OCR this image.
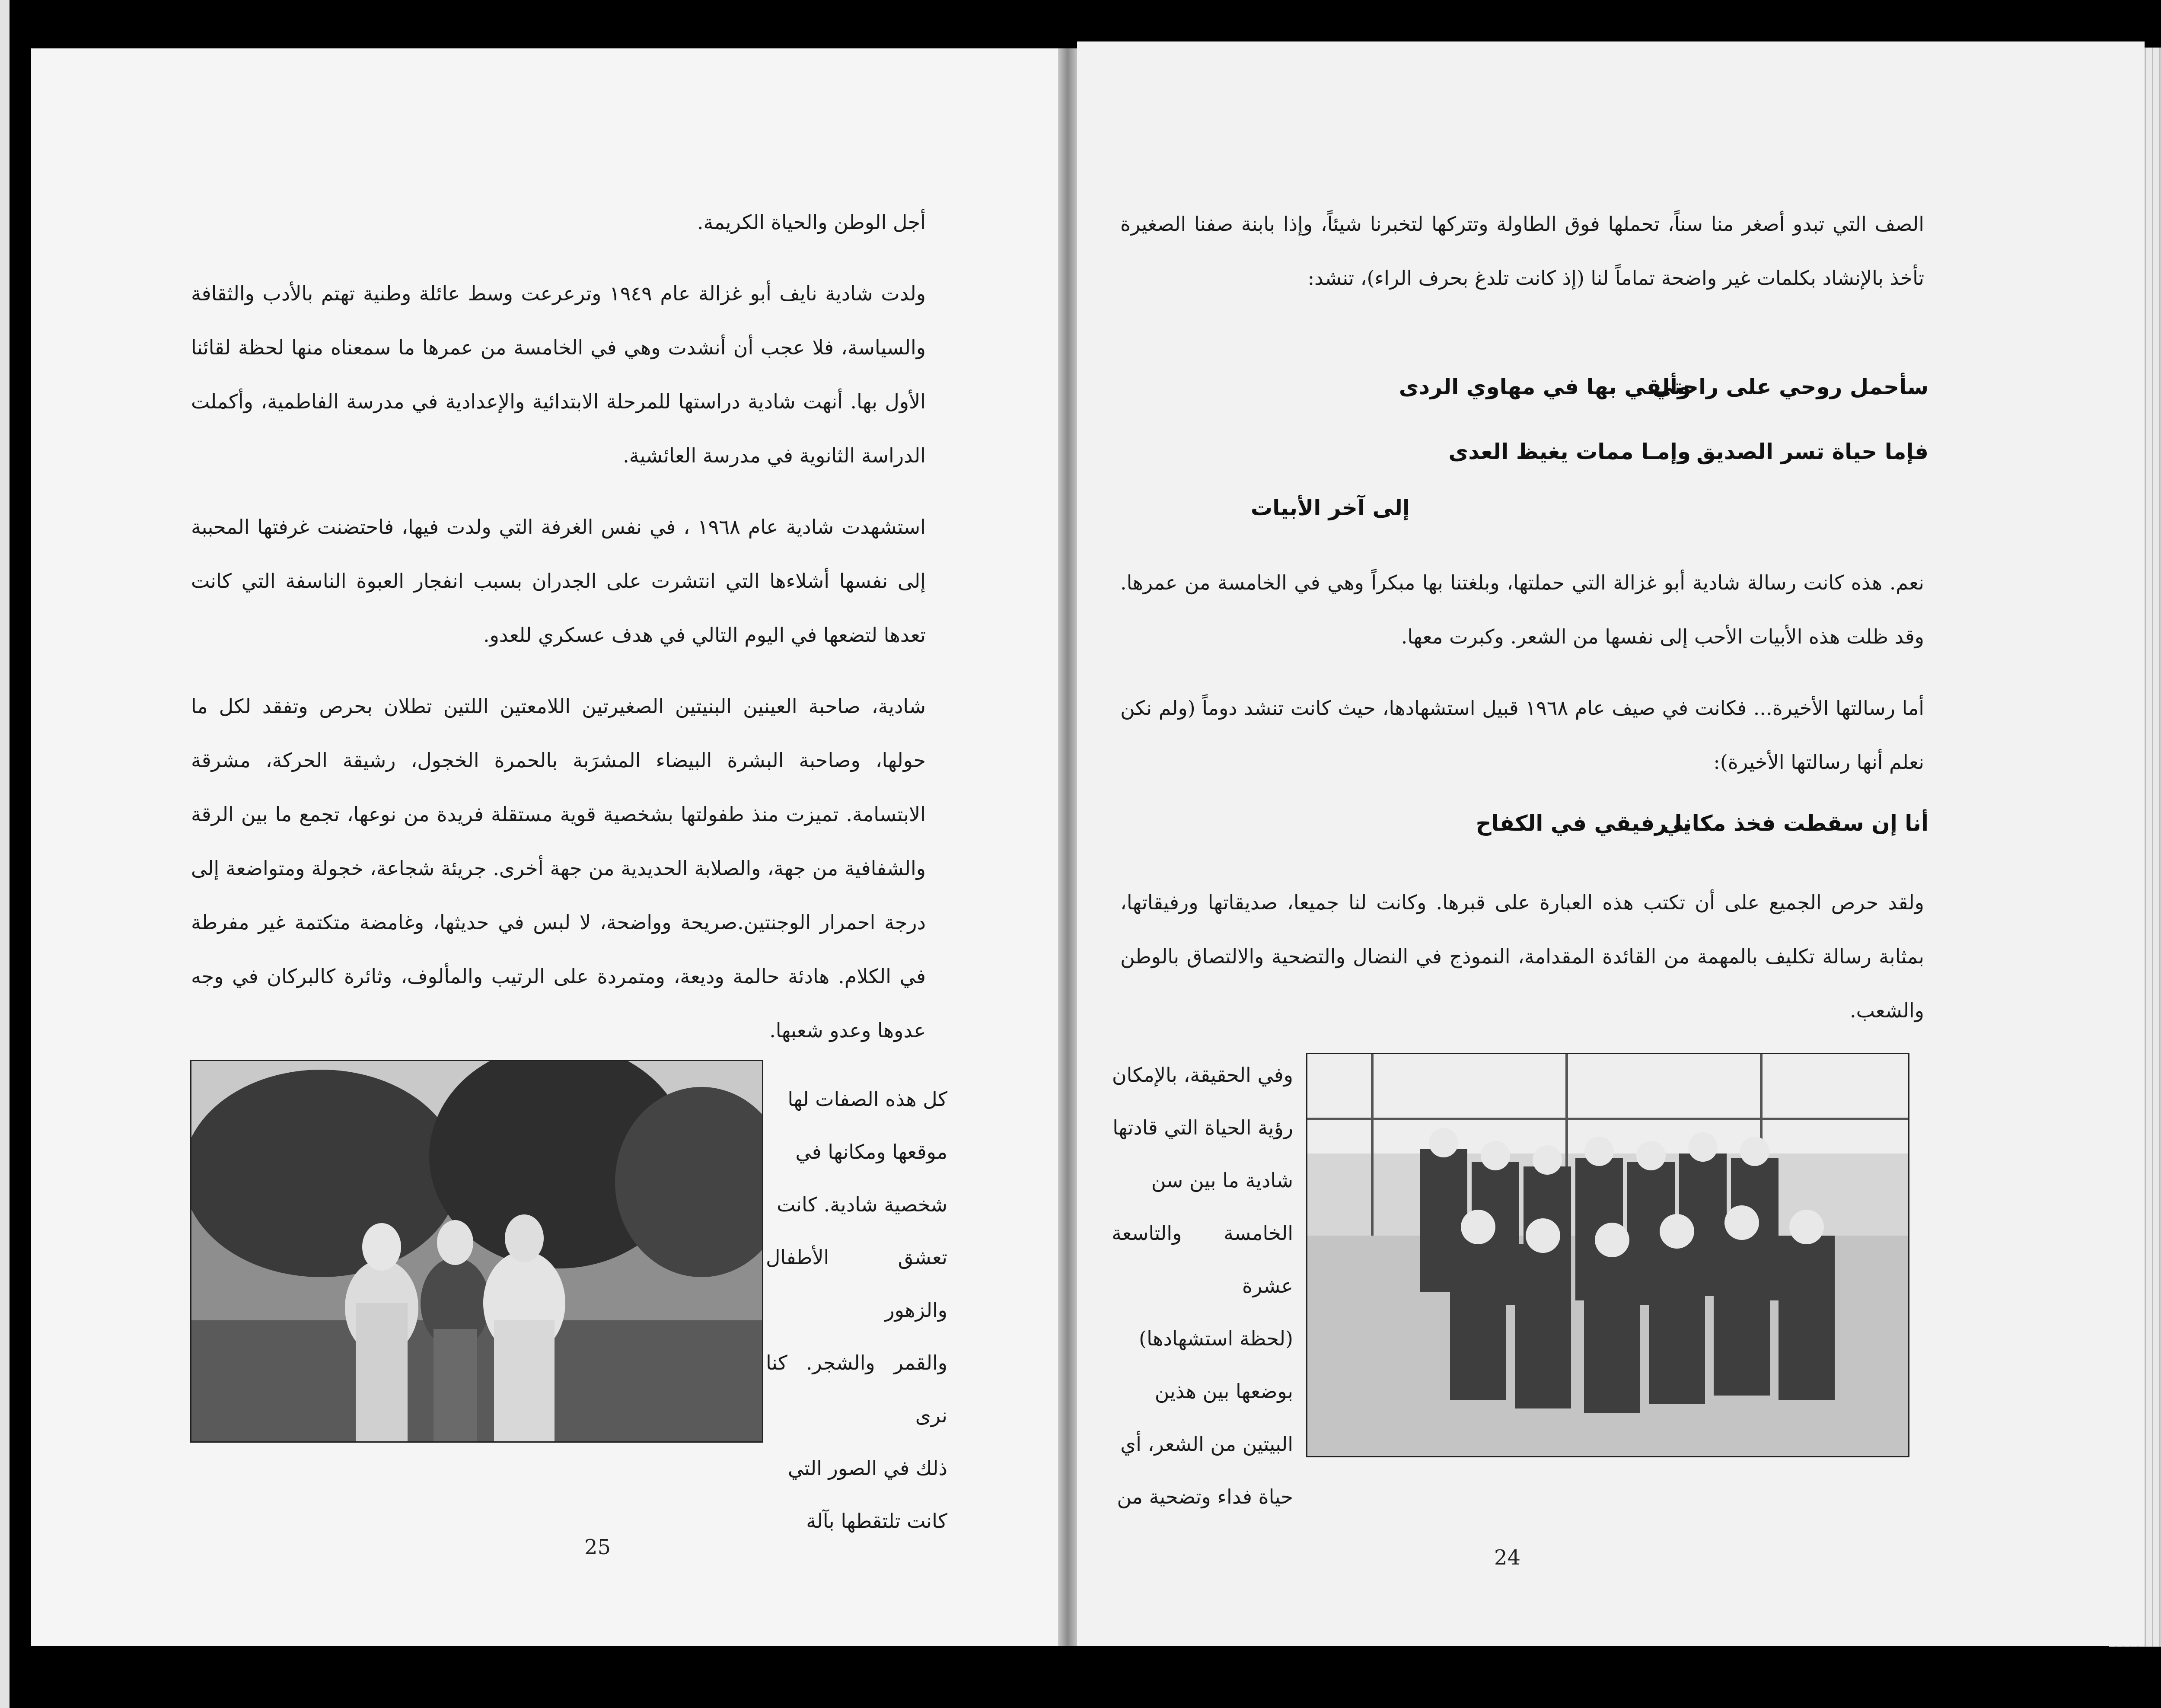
أجل الوطن والحياة الكريمة.

ولدت شادية نايف أبو غزالة عام ١٩٤٩ وترعرعت وسط عائلة وطنية تهتم بالأدب والثقافة والسياسة، فلا عجب أن أنشدت وهي في الخامسة من عمرها ما سمعناه منها لحظة لقائنا الأول بها. أنهت شادية دراستها للمرحلة الابتدائية والإعدادية في مدرسة الفاطمية، وأكملت الدراسة الثانوية في مدرسة العائشية.

استشهدت شادية عام ١٩٦٨ ، في نفس الغرفة التي ولدت فيها، فاحتضنت غرفتها المحببة إلى نفسها أشلاءها التي انتشرت على الجدران بسبب انفجار العبوة الناسفة التي كانت تعدها لتضعها في اليوم التالي في هدف عسكري للعدو.

شادية، صاحبة العينين البنيتين الصغيرتين اللامعتين اللتين تطلان بحرص وتفقد لكل ما حولها، وصاحبة البشرة البيضاء المشرَبة بالحمرة الخجول، رشيقة الحركة، مشرقة الابتسامة. تميزت منذ طفولتها بشخصية قوية مستقلة فريدة من نوعها، تجمع ما بين الرقة والشفافية من جهة، والصلابة الحديدية من جهة أخرى. جريئة شجاعة، خجولة ومتواضعة إلى درجة احمرار الوجنتين.صريحة وواضحة، لا لبس في حديثها، وغامضة متكتمة غير مفرطة في الكلام. هادئة حالمة وديعة، ومتمردة على الرتيب والمألوف، وثائرة كالبركان في وجه عدوها وعدو شعبها.

كل هذه الصفات لها
موقعها ومكانها في
شخصية شادية. كانت
تعشق الأطفال والزهور
والقمر والشجر. كنا نرى
ذلك في الصور التي
كانت تلتقطها بآلة
25

الصف التي تبدو أصغر منا سناً، تحملها فوق الطاولة وتتركها لتخبرنا شيئاً، وإذا بابنة صفنا الصغيرة تأخذ بالإنشاد بكلمات غير واضحة تماماً لنا (إذ كانت تلدغ بحرف الراء)، تنشد:

سأحمل روحي على راحتي
وألقي بها في مهاوي الردى
فإما حياة تسر الصديق
وإمـا ممات يغيظ العدى
إلى آخر الأبيات

نعم. هذه كانت رسالة شادية أبو غزالة التي حملتها، وبلغتنا بها مبكراً وهي في الخامسة من عمرها. وقد ظلت هذه الأبيات الأحب إلى نفسها من الشعر. وكبرت معها.

أما رسالتها الأخيرة... فكانت في صيف عام ١٩٦٨ قبيل استشهادها، حيث كانت تنشد دوماً (ولم نكن نعلم أنها رسالتها الأخيرة):

أنا إن سقطت فخذ مكاني
يا رفيقي في الكفاح

ولقد حرص الجميع على أن تكتب هذه العبارة على قبرها. وكانت لنا جميعا، صديقاتها ورفيقاتها، بمثابة رسالة تكليف بالمهمة من القائدة المقدامة، النموذج في النضال والتضحية والالتصاق بالوطن والشعب.

وفي الحقيقة، بالإمكان
رؤية الحياة التي قادتها
شادية ما بين سن
الخامسة والتاسعة عشرة
(لحظة استشهادها)
بوضعها بين هذين
البيتين من الشعر، أي
حياة فداء وتضحية من
24
